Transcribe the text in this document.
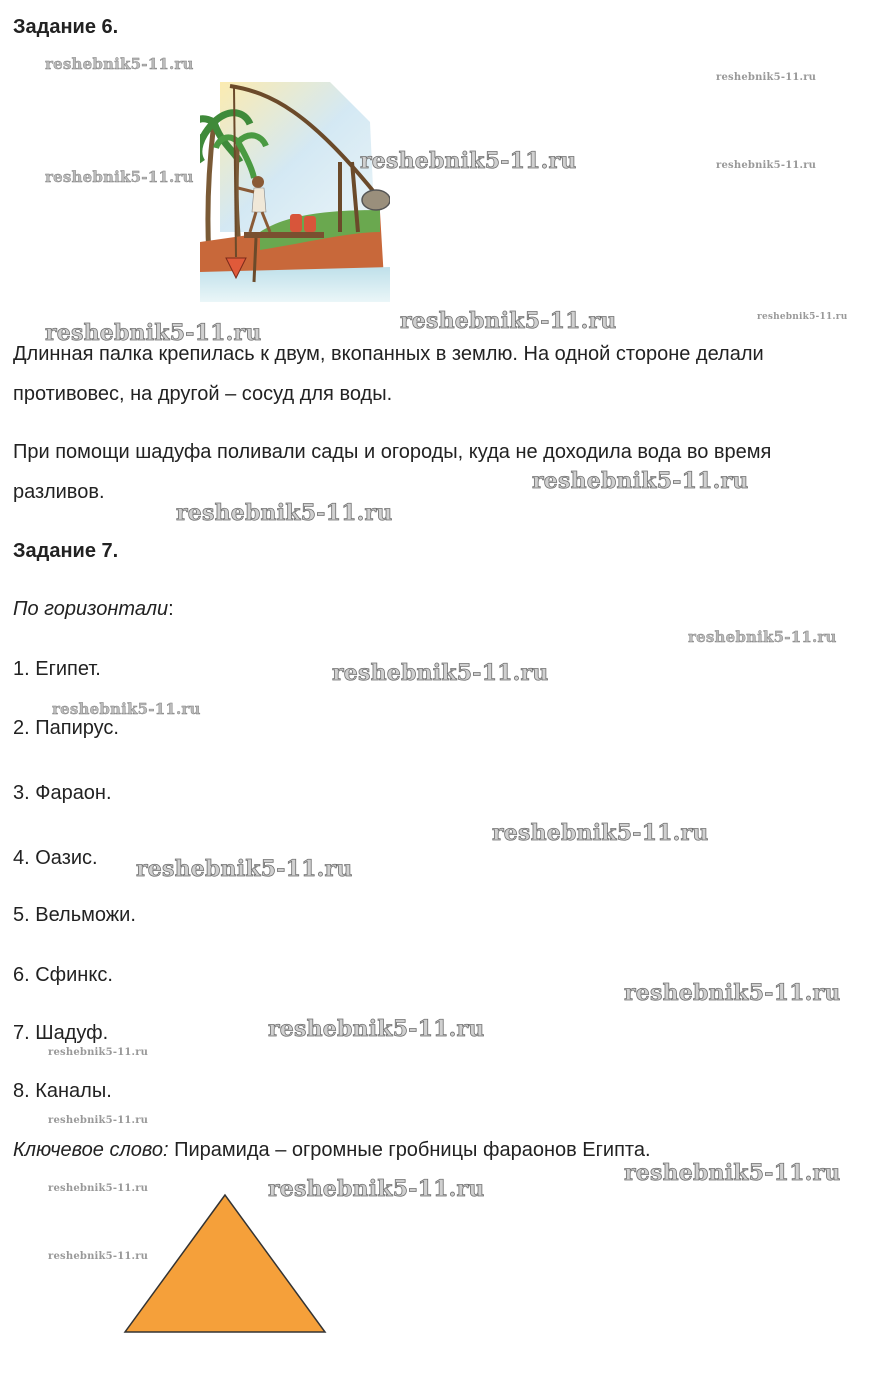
Задание 6.
Длинная палка крепилась к двум, вкопанных в землю. На одной стороне делали
противовес, на другой – сосуд для воды.
При помощи шадуфа поливали сады и огороды, куда не доходила вода во время
разливов.
Задание 7.
По горизонтали:
1. Египет.
2. Папирус.
3. Фараон.
4. Оазис.
5. Вельможи.
6. Сфинкс.
7. Шадуф.
8. Каналы.
Ключевое слово: Пирамида – огромные гробницы фараонов Египта.
reshebnik5-11.ru
reshebnik5-11.ru
reshebnik5-11.ru
reshebnik5-11.ru	reshebnik5-11.ru
reshebnik5-11.ru	reshebnik5-11.ru	reshebnik5-11.ru
reshebnik5-11.ru
reshebnik5-11.ru
reshebnik5-11.ru
reshebnik5-11.ru
reshebnik5-11.ru
reshebnik5-11.ru
reshebnik5-11.ru
reshebnik5-11.ru
reshebnik5-11.ru
reshebnik5-11.ru
reshebnik5-11.ru
reshebnik5-11.ru
reshebnik5-11.ru	reshebnik5-11.ru
reshebnik5-11.ru
